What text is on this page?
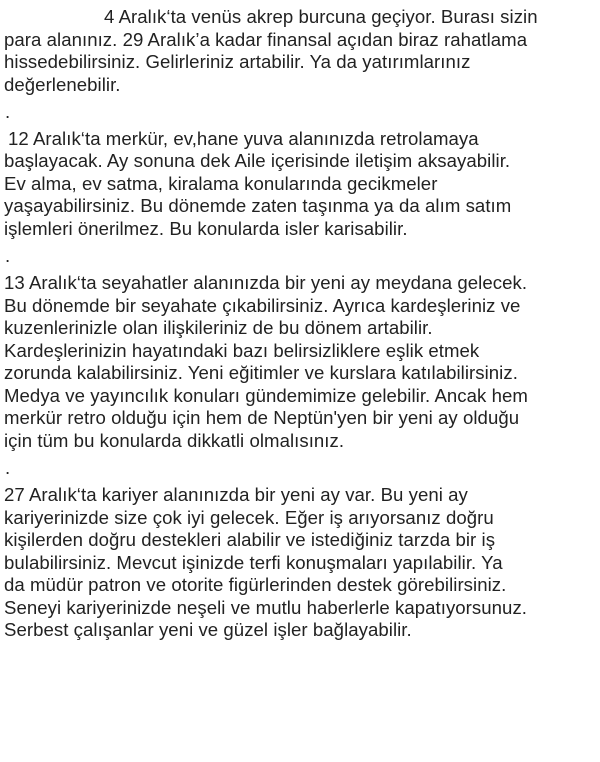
4 Aralık‘ta venüs akrep burcuna geçiyor. Burası sizin
para alanınız. 29 Aralık’a kadar finansal açıdan biraz rahatlama
hissedebilirsiniz. Gelirleriniz artabilir. Ya da yatırımlarınız
değerlenebilir.
.
12 Aralık‘ta merkür, ev,hane yuva alanınızda retrolamaya
başlayacak. Ay sonuna dek Aile içerisinde iletişim aksayabilir.
Ev alma, ev satma, kiralama konularında gecikmeler
yaşayabilirsiniz. Bu dönemde zaten taşınma ya da alım satım
işlemleri önerilmez. Bu konularda isler karisabilir.
.
13 Aralık‘ta seyahatler alanınızda bir yeni ay meydana gelecek.
Bu dönemde bir seyahate çıkabilirsiniz. Ayrıca kardeşleriniz ve
kuzenlerinizle olan ilişkileriniz de bu dönem artabilir.
Kardeşlerinizin hayatındaki bazı belirsizliklere eşlik etmek
zorunda kalabilirsiniz. Yeni eğitimler ve kurslara katılabilirsiniz.
Medya ve yayıncılık konuları gündemimize gelebilir. Ancak hem
merkür retro olduğu için hem de Neptün'yen bir yeni ay olduğu
için tüm bu konularda dikkatli olmalısınız.
.
27 Aralık‘ta kariyer alanınızda bir yeni ay var. Bu yeni ay
kariyerinizde size çok iyi gelecek. Eğer iş arıyorsanız doğru
kişilerden doğru destekleri alabilir ve istediğiniz tarzda bir iş
bulabilirsiniz. Mevcut işinizde terfi konuşmaları yapılabilir. Ya
da müdür patron ve otorite figürlerinden destek görebilirsiniz.
Seneyi kariyerinizde neşeli ve mutlu haberlerle kapatıyorsunuz.
Serbest çalışanlar yeni ve güzel işler bağlayabilir.
